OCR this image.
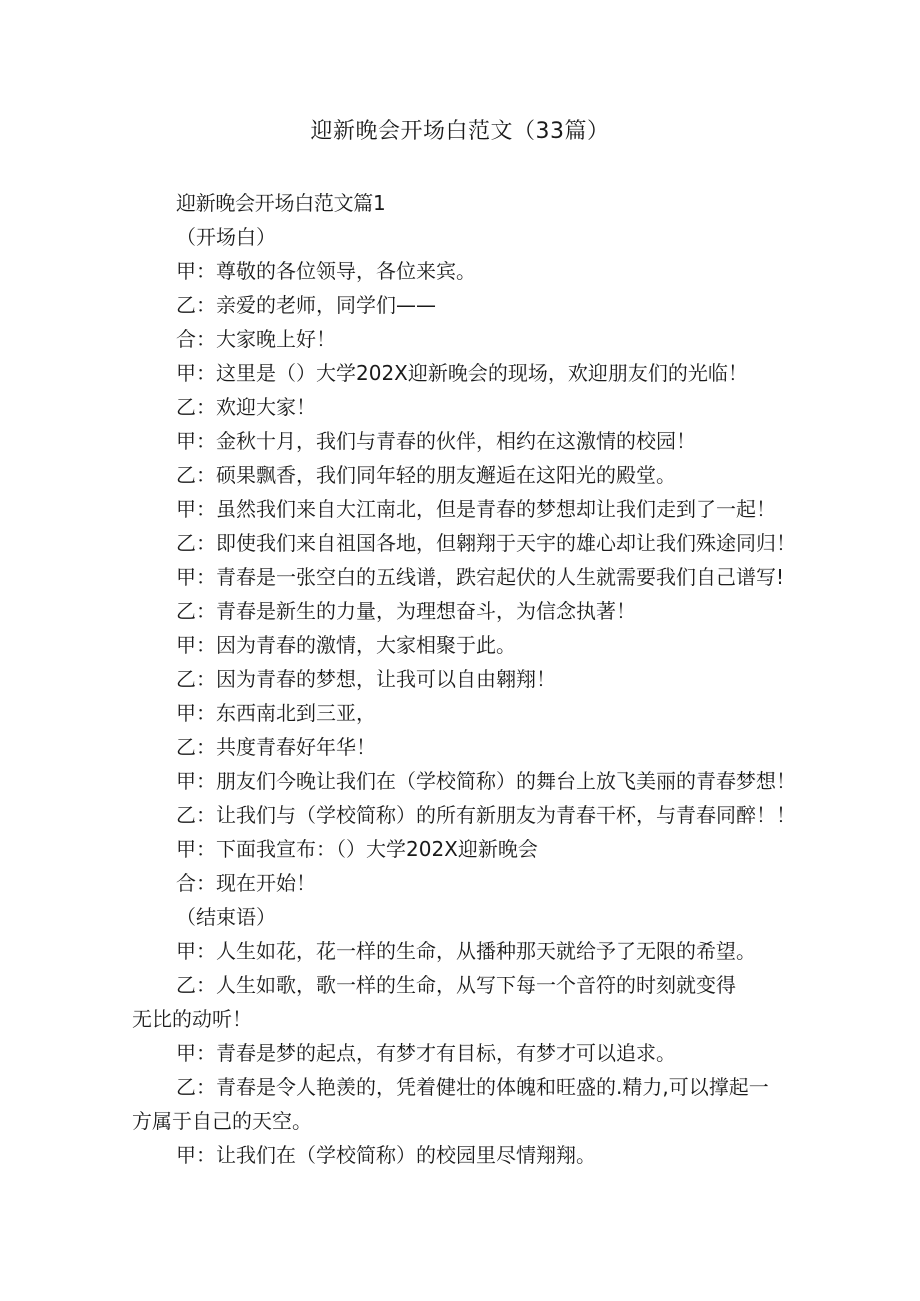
迎新晚会开场白范文（33篇）
迎新晚会开场白范文篇1
（开场白）
甲：尊敬的各位领导，各位来宾。
乙：亲爱的老师，同学们——
合：大家晚上好！
甲：这里是（）大学202X迎新晚会的现场，欢迎朋友们的光临！
乙：欢迎大家！
甲：金秋十月，我们与青春的伙伴，相约在这激情的校园！
乙：硕果飘香，我们同年轻的朋友邂逅在这阳光的殿堂。
甲：虽然我们来自大江南北，但是青春的梦想却让我们走到了一起！
乙：即使我们来自祖国各地，但翱翔于天宇的雄心却让我们殊途同归！
甲：青春是一张空白的五线谱，跌宕起伏的人生就需要我们自己谱写!
乙：青春是新生的力量，为理想奋斗，为信念执著！
甲：因为青春的激情，大家相聚于此。
乙：因为青春的梦想，让我可以自由翱翔！
甲：东西南北到三亚，
乙：共度青春好年华！
甲：朋友们今晚让我们在（学校简称）的舞台上放飞美丽的青春梦想！
乙：让我们与（学校简称）的所有新朋友为青春干杯，与青春同醉！！
甲：下面我宣布：（）大学202X迎新晚会
合：现在开始！
（结束语）
甲：人生如花，花一样的生命，从播种那天就给予了无限的希望。
乙：人生如歌，歌一样的生命，从写下每一个音符的时刻就变得
无比的动听！
甲：青春是梦的起点，有梦才有目标，有梦才可以追求。
乙：青春是令人艳羡的，凭着健壮的体魄和旺盛的.精力,可以撑起一
方属于自己的天空。
甲：让我们在（学校简称）的校园里尽情翔翔。
